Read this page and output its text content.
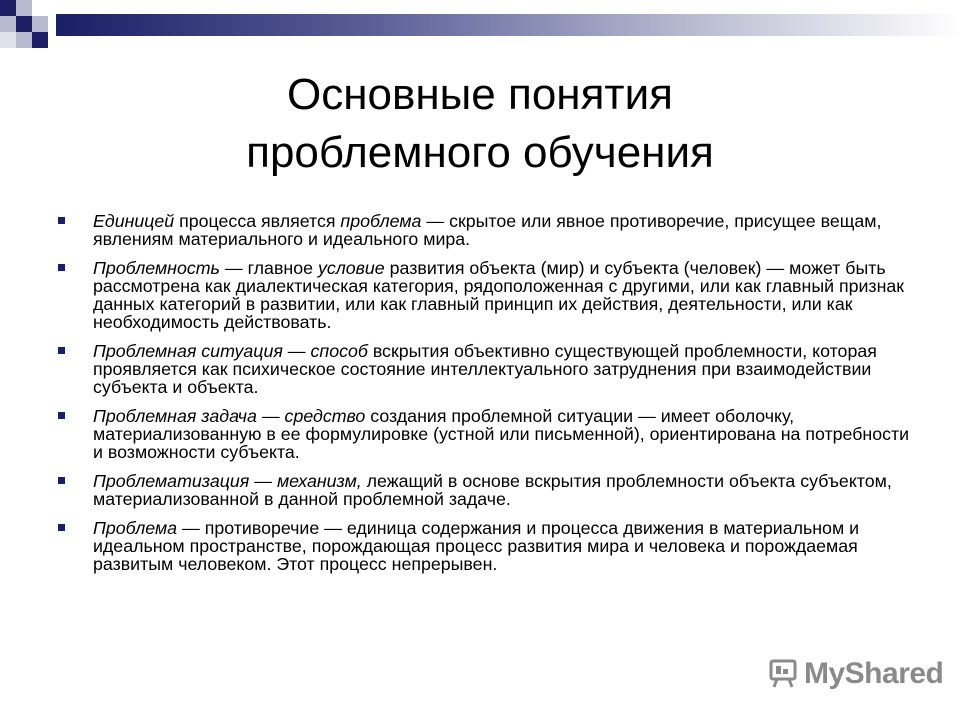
Основные понятия
проблемного обучения
Единицей процесса является проблема — скрытое или явное противоречие, присущее вещам, явлениям материального и идеального мира.
Проблемность — главное условие развития объекта (мир) и субъекта (человек) — может быть рассмотрена как диалектическая категория, рядоположенная с другими, или как главный признак данных категорий в развитии, или как главный принцип их действия, деятельности, или как необходимость действовать.
Проблемная ситуация — способ вскрытия объективно существующей проблемности, которая проявляется как психическое состояние интеллектуального затруднения при взаимодействии субъекта и объекта.
Проблемная задача — средство создания проблемной ситуации — имеет оболочку, материализованную в ее формулировке (устной или письменной), ориентирована на потребности и возможности субъекта.
Проблематизация — механизм, лежащий в основе вскрытия проблемности объекта субъектом, материализованной в данной проблемной задаче.
Проблема — противоречие — единица содержания и процесса движения в материальном и идеальном пространстве, порождающая процесс развития мира и человека и порождаемая развитым человеком. Этот процесс непрерывен.
MyShared
